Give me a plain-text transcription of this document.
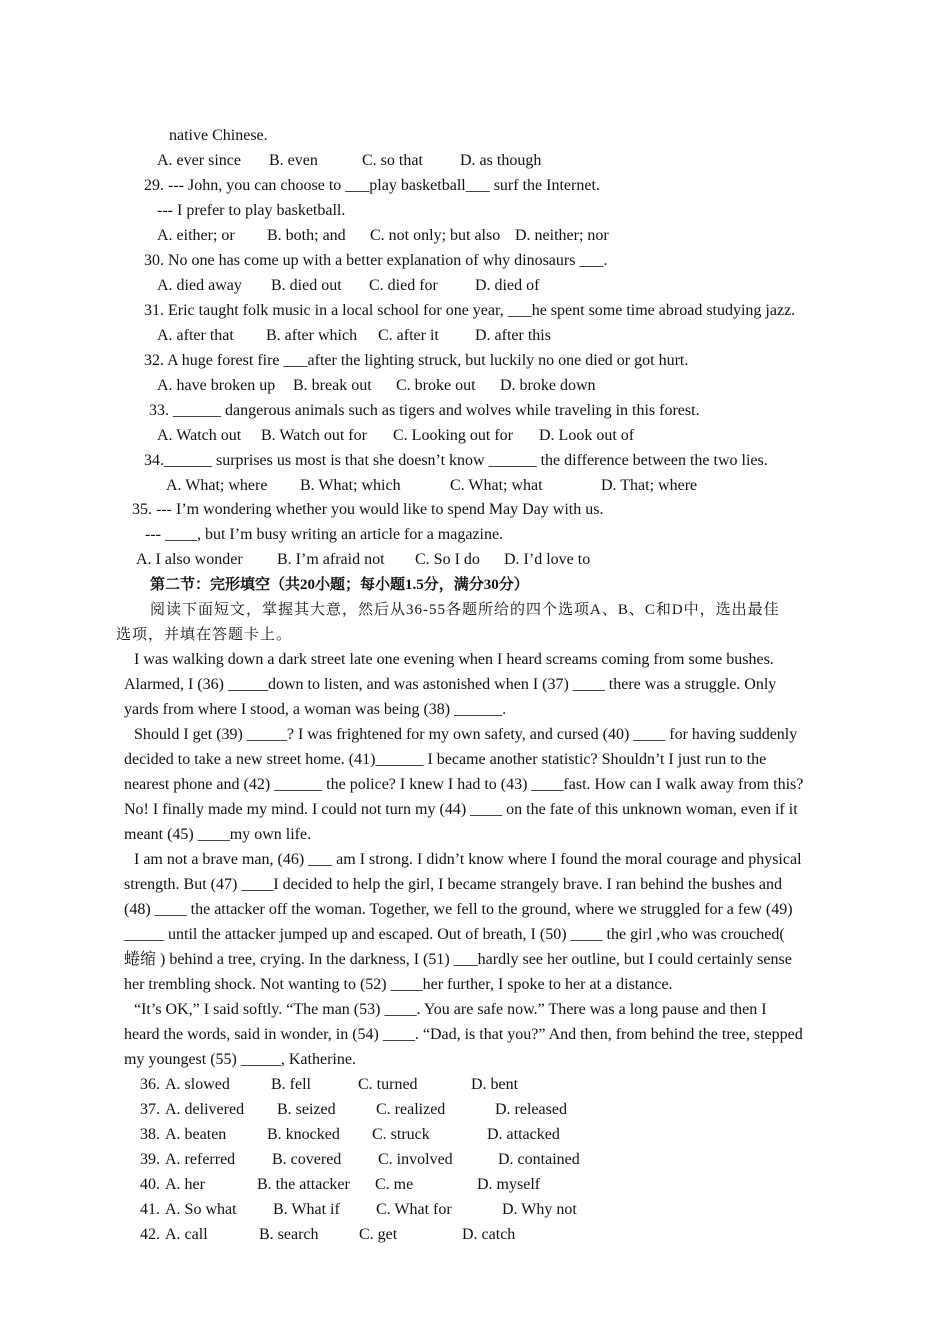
native Chinese.
A. ever since B. even	C. so that D. as though
29. --- John, you can choose to ___play basketball___ surf the Internet.
--- I prefer to play basketball.
A. either; or B. both; and C. not only; but also D. neither; nor
30. No one has come up with a better explanation of why dinosaurs ___.
A. died away B. died out C. died for D. died of
31. Eric taught folk music in a local school for one year, ___he spent some time abroad studying jazz.
A. after that B. after which C. after it D. after this
32. A huge forest fire ___after the lighting struck, but luckily no one died or got hurt.
A. have broken up B. break out C. broke out D. broke down
33. ______ dangerous animals such as tigers and wolves while traveling in this forest.
A. Watch out B. Watch out for C. Looking out for D. Look out of
34.______ surprises us most is that she doesn’t know ______ the difference between the two lies.
A. What; where B. What; which	C. What; what	D. That; where
35. --- I’m wondering whether you would like to spend May Day with us.
--- ____, but I’m busy writing an article for a magazine.
A. I also wonder B. I’m afraid not C. So I do D. I’d love to
第二节：完形填空（共20小题；每小题1.5分，满分30分）
阅读下面短文，掌握其大意，然后从36-55各题所给的四个选项A、B、C和D中，选出最佳
选项，并填在答题卡上。
I was walking down a dark street late one evening when I heard screams coming from some bushes.
Alarmed, I (36) _____down to listen, and was astonished when I (37) ____ there was a struggle. Only
yards from where I stood, a woman was being (38) ______.
Should I get (39) _____? I was frightened for my own safety, and cursed (40) ____ for having suddenly
decided to take a new street home. (41)______ I became another statistic? Shouldn’t I just run to the
nearest phone and (42) ______ the police? I knew I had to (43) ____fast. How can I walk away from this?
No! I finally made my mind. I could not turn my (44) ____ on the fate of this unknown woman, even if it
meant (45) ____my own life.
I am not a brave man, (46) ___ am I strong. I didn’t know where I found the moral courage and physical
strength. But (47) ____I decided to help the girl, I became strangely brave. I ran behind the bushes and
(48) ____ the attacker off the woman. Together, we fell to the ground, where we struggled for a few (49)
_____ until the attacker jumped up and escaped. Out of breath, I (50) ____ the girl ,who was crouched(
蜷缩 ) behind a tree, crying. In the darkness, I (51) ___hardly see her outline, but I could certainly sense
her trembling shock. Not wanting to (52) ____her further, I spoke to her at a distance.
“It’s OK,” I said softly. “The man (53) ____. You are safe now.” There was a long pause and then I
heard the words, said in wonder, in (54) ____. “Dad, is that you?” And then, from behind the tree, stepped
my youngest (55) _____, Katherine.
36. A. slowed	B. fell	C. turned	D. bent
37. A. delivered B. seized	C. realized	D. released
38. A. beaten	B. knocked C. struck	D. attacked
39. A. referred B. covered C. involved	D. contained
40. A. her	B. the attacker C. me	D. myself
41. A. So what B. What if C. What for	D. Why not
42. A. call	B. search	C. get	D. catch
